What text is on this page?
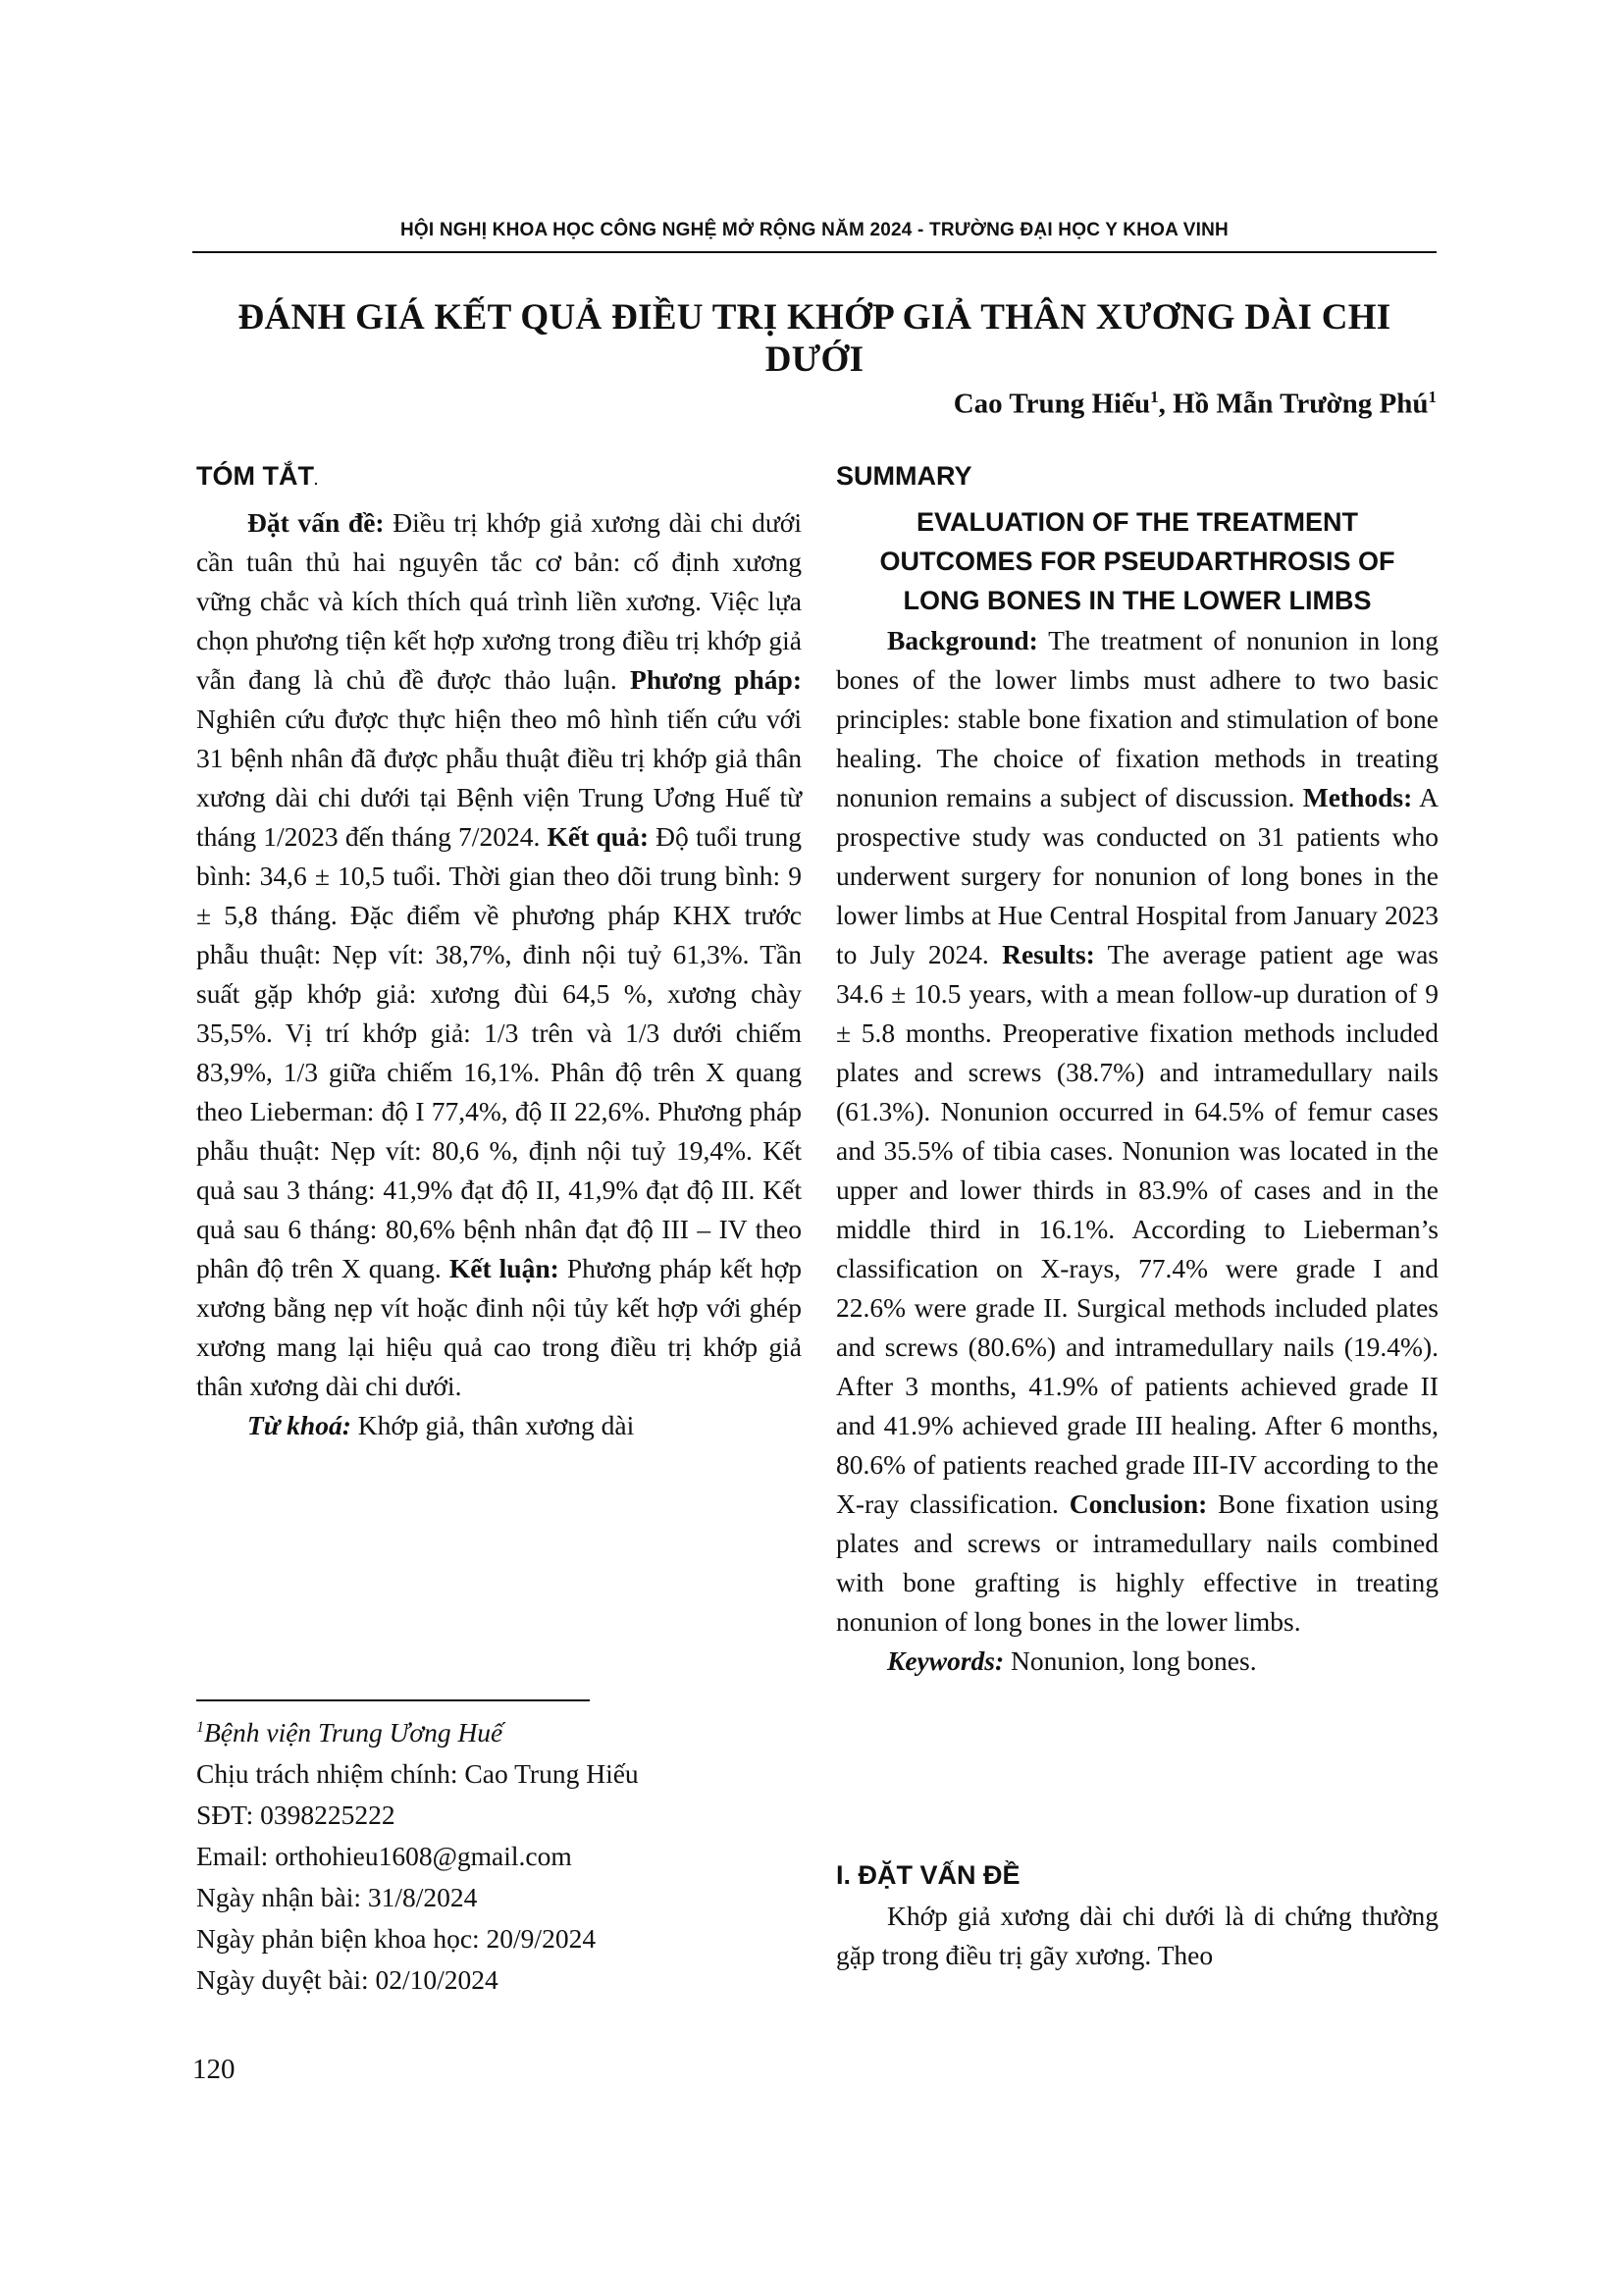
HỘI NGHỊ KHOA HỌC CÔNG NGHỆ MỞ RỘNG NĂM 2024 - TRƯỜNG ĐẠI HỌC Y KHOA VINH
ĐÁNH GIÁ KẾT QUẢ ĐIỀU TRỊ KHỚP GIẢ THÂN XƯƠNG DÀI CHI DƯỚI
Cao Trung Hiếu$^1$, Hồ Mẫn Trường Phú$^1$
TÓM TẮT.

Đặt vấn đề: Điều trị khớp giả xương dài chi dưới cần tuân thủ hai nguyên tắc cơ bản: cố định xương vững chắc và kích thích quá trình liền xương. Việc lựa chọn phương tiện kết hợp xương trong điều trị khớp giả vẫn đang là chủ đề được thảo luận. Phương pháp: Nghiên cứu được thực hiện theo mô hình tiến cứu với 31 bệnh nhân đã được phẫu thuật điều trị khớp giả thân xương dài chi dưới tại Bệnh viện Trung Ương Huế từ tháng 1/2023 đến tháng 7/2024. Kết quả: Độ tuổi trung bình: 34,6 ± 10,5 tuổi. Thời gian theo dõi trung bình: 9 ± 5,8 tháng. Đặc điểm về phương pháp KHX trước phẫu thuật: Nẹp vít: 38,7%, đinh nội tuỷ 61,3%. Tần suất gặp khớp giả: xương đùi 64,5 %, xương chày 35,5%. Vị trí khớp giả: 1/3 trên và 1/3 dưới chiếm 83,9%, 1/3 giữa chiếm 16,1%. Phân độ trên X quang theo Lieberman: độ I 77,4%, độ II 22,6%. Phương pháp phẫu thuật: Nẹp vít: 80,6 %, định nội tuỷ 19,4%. Kết quả sau 3 tháng: 41,9% đạt độ II, 41,9% đạt độ III. Kết quả sau 6 tháng: 80,6% bệnh nhân đạt độ III – IV theo phân độ trên X quang. Kết luận: Phương pháp kết hợp xương bằng nẹp vít hoặc đinh nội tủy kết hợp với ghép xương mang lại hiệu quả cao trong điều trị khớp giả thân xương dài chi dưới.

Từ khoá: Khớp giả, thân xương dài

$^1$Bệnh viện Trung Ương Huế
Chịu trách nhiệm chính: Cao Trung Hiếu
SĐT: 0398225222
Email: orthohieu1608@gmail.com
Ngày nhận bài: 31/8/2024
Ngày phản biện khoa học: 20/9/2024
Ngày duyệt bài: 02/10/2024
SUMMARY
EVALUATION OF THE TREATMENT
OUTCOMES FOR PSEUDARTHROSIS OF
LONG BONES IN THE LOWER LIMBS

Background: The treatment of nonunion in long bones of the lower limbs must adhere to two basic principles: stable bone fixation and stimulation of bone healing. The choice of fixation methods in treating nonunion remains a subject of discussion. Methods: A prospective study was conducted on 31 patients who underwent surgery for nonunion of long bones in the lower limbs at Hue Central Hospital from January 2023 to July 2024. Results: The average patient age was 34.6 ± 10.5 years, with a mean follow-up duration of 9 ± 5.8 months. Preoperative fixation methods included plates and screws (38.7%) and intramedullary nails (61.3%). Nonunion occurred in 64.5% of femur cases and 35.5% of tibia cases. Nonunion was located in the upper and lower thirds in 83.9% of cases and in the middle third in 16.1%. According to Lieberman’s classification on X-rays, 77.4% were grade I and 22.6% were grade II. Surgical methods included plates and screws (80.6%) and intramedullary nails (19.4%). After 3 months, 41.9% of patients achieved grade II and 41.9% achieved grade III healing. After 6 months, 80.6% of patients reached grade III-IV according to the X-ray classification. Conclusion: Bone fixation using plates and screws or intramedullary nails combined with bone grafting is highly effective in treating nonunion of long bones in the lower limbs.

Keywords: Nonunion, long bones.

I. ĐẶT VẤN ĐỀ

Khớp giả xương dài chi dưới là di chứng thường gặp trong điều trị gãy xương. Theo

120
